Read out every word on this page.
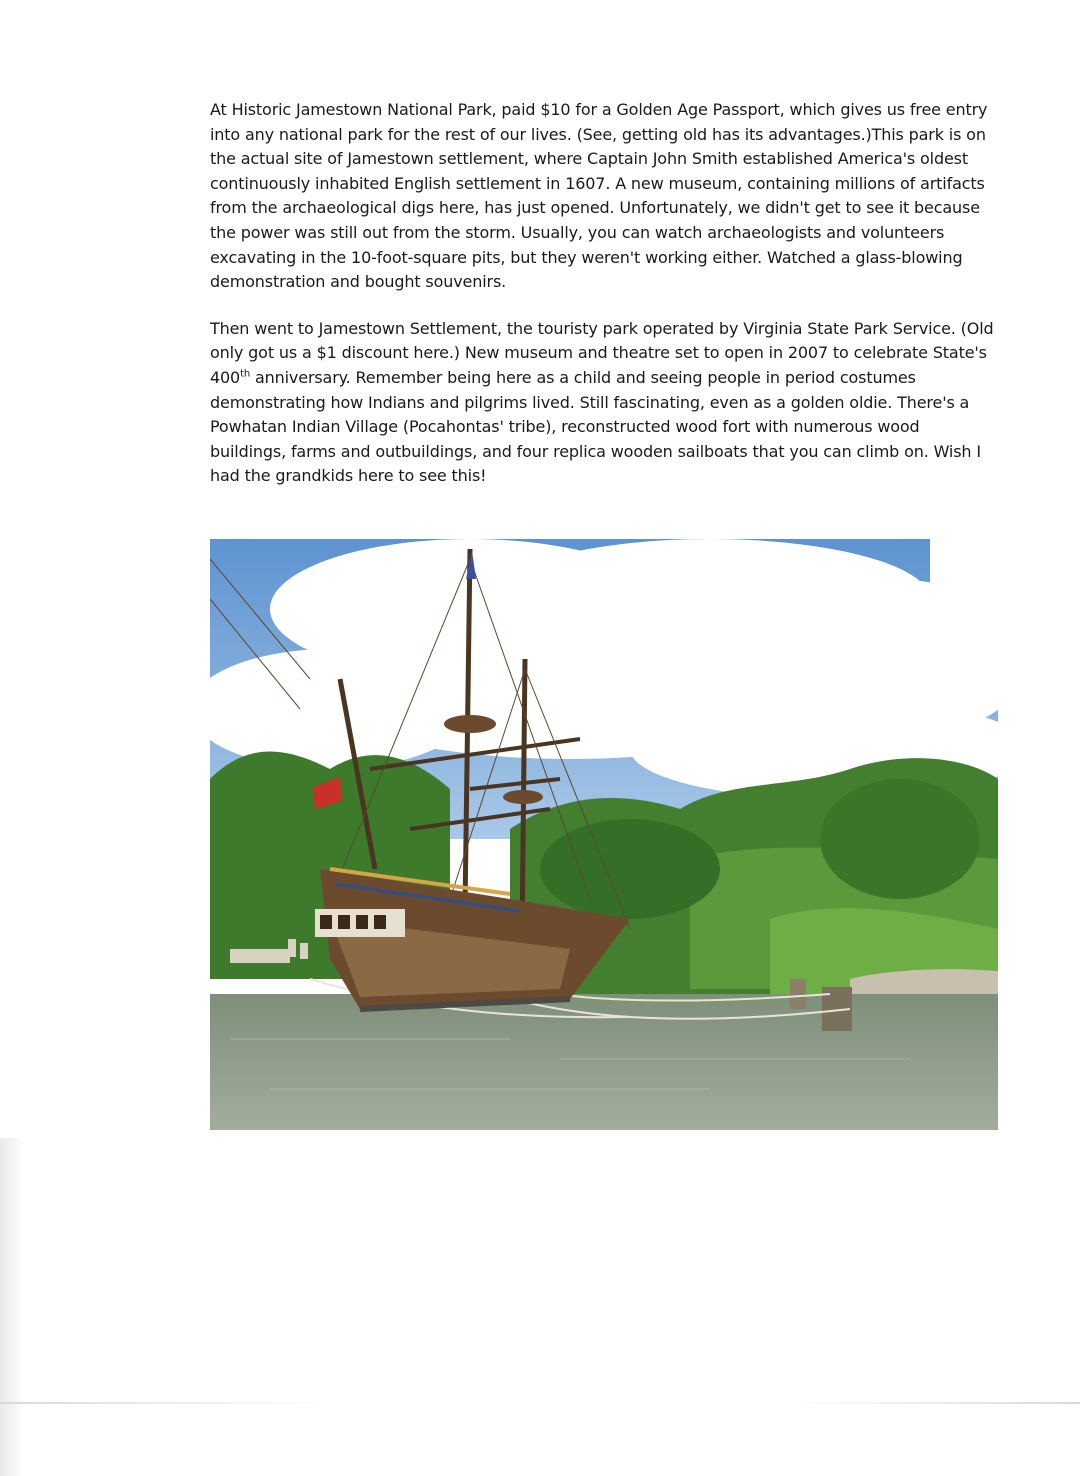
At Historic Jamestown National Park, paid $10 for a Golden Age Passport, which gives us free entry into any national park for the rest of our lives. (See, getting old has its advantages.)This park is on the actual site of Jamestown settlement, where Captain John Smith established America's oldest continuously inhabited English settlement in 1607. A new museum, containing millions of artifacts from the archaeological digs here, has just opened. Unfortunately, we didn't get to see it because the power was still out from the storm. Usually, you can watch archaeologists and volunteers excavating in the 10-foot-square pits, but they weren't working either. Watched a glass-blowing demonstration and bought souvenirs.

Then went to Jamestown Settlement, the touristy park operated by Virginia State Park Service. (Old only got us a $1 discount here.) New museum and theatre set to open in 2007 to celebrate State's 400th anniversary. Remember being here as a child and seeing people in period costumes demonstrating how Indians and pilgrims lived. Still fascinating, even as a golden oldie. There's a Powhatan Indian Village (Pocahontas' tribe), reconstructed wood fort with numerous wood buildings, farms and outbuildings, and four replica wooden sailboats that you can climb on. Wish I had the grandkids here to see this!
